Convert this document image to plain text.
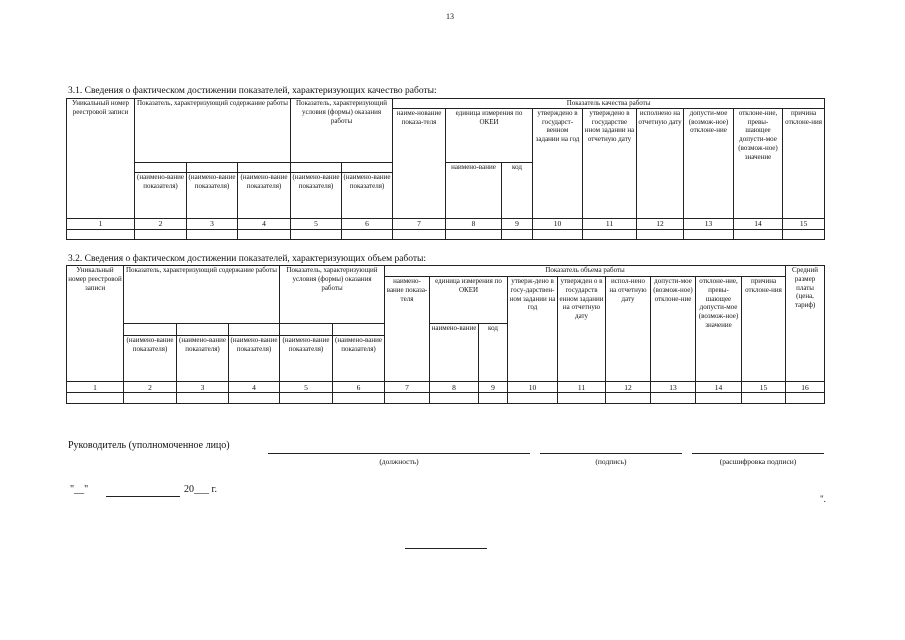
13
3.1. Сведения о фактическом достижении показателей, характеризующих качество работы:
Уникальный номер реестровой записи	Показатель, характеризующий содержание работы			Показатель, характеризующий условия (формы) оказания работы		Показатель качества работы								
						наиме-нование показа-теля	единица измерения по ОКЕИ		утверждено в государст-венном задании на год	утверждено в государстве нном задании на отчетную дату	исполнено на отчетную дату	допусти-мое (возмож-ное) отклоне-ние	отклоне-ние, превы-шающее допусти-мое (возмож-ное) значение	причина отклоне-ния
							наимено-вание	код						
	(наимено-вание показателя)	(наимено-вание показателя)	(наимено-вание показателя)	(наимено-вание показателя)	(наимено-вание показателя)									
1	2	3	4	5	6	7	8	9	10	11	12	13	14	15

3.2. Сведения о фактическом достижении показателей, характеризующих объем работы:
Уникальный номер реестровой записи	Показатель, характеризующий содержание работы			Показатель, характеризующий условия (формы) оказания работы		Показатель объема работы									Средний размер платы (цена, тариф)
						наимено-вание показа-теля	единица измерения по ОКЕИ		утверж-дено в госу-дарствен-ном задании на год	утвержден о в государств енном задании на отчетную дату	испол-нено на отчетную дату	допусти-мое (возмож-ное) отклоне-ние	отклоне-ние, превы-шающее допусти-мое (возмож-ное) значение	причина отклоне-ния	
							наимено-вание	код							
	(наимено-вание показателя)	(наимено-вание показателя)	(наимено-вание показателя)	(наимено-вание показателя)	(наимено-вание показателя)										
1	2	3	4	5	6	7	8	9	10	11	12	13	14	15	16

Руководитель (уполномоченное лицо)
(должность)	(подпись)	(расшифровка подписи)
"__"	20___ г.
".
